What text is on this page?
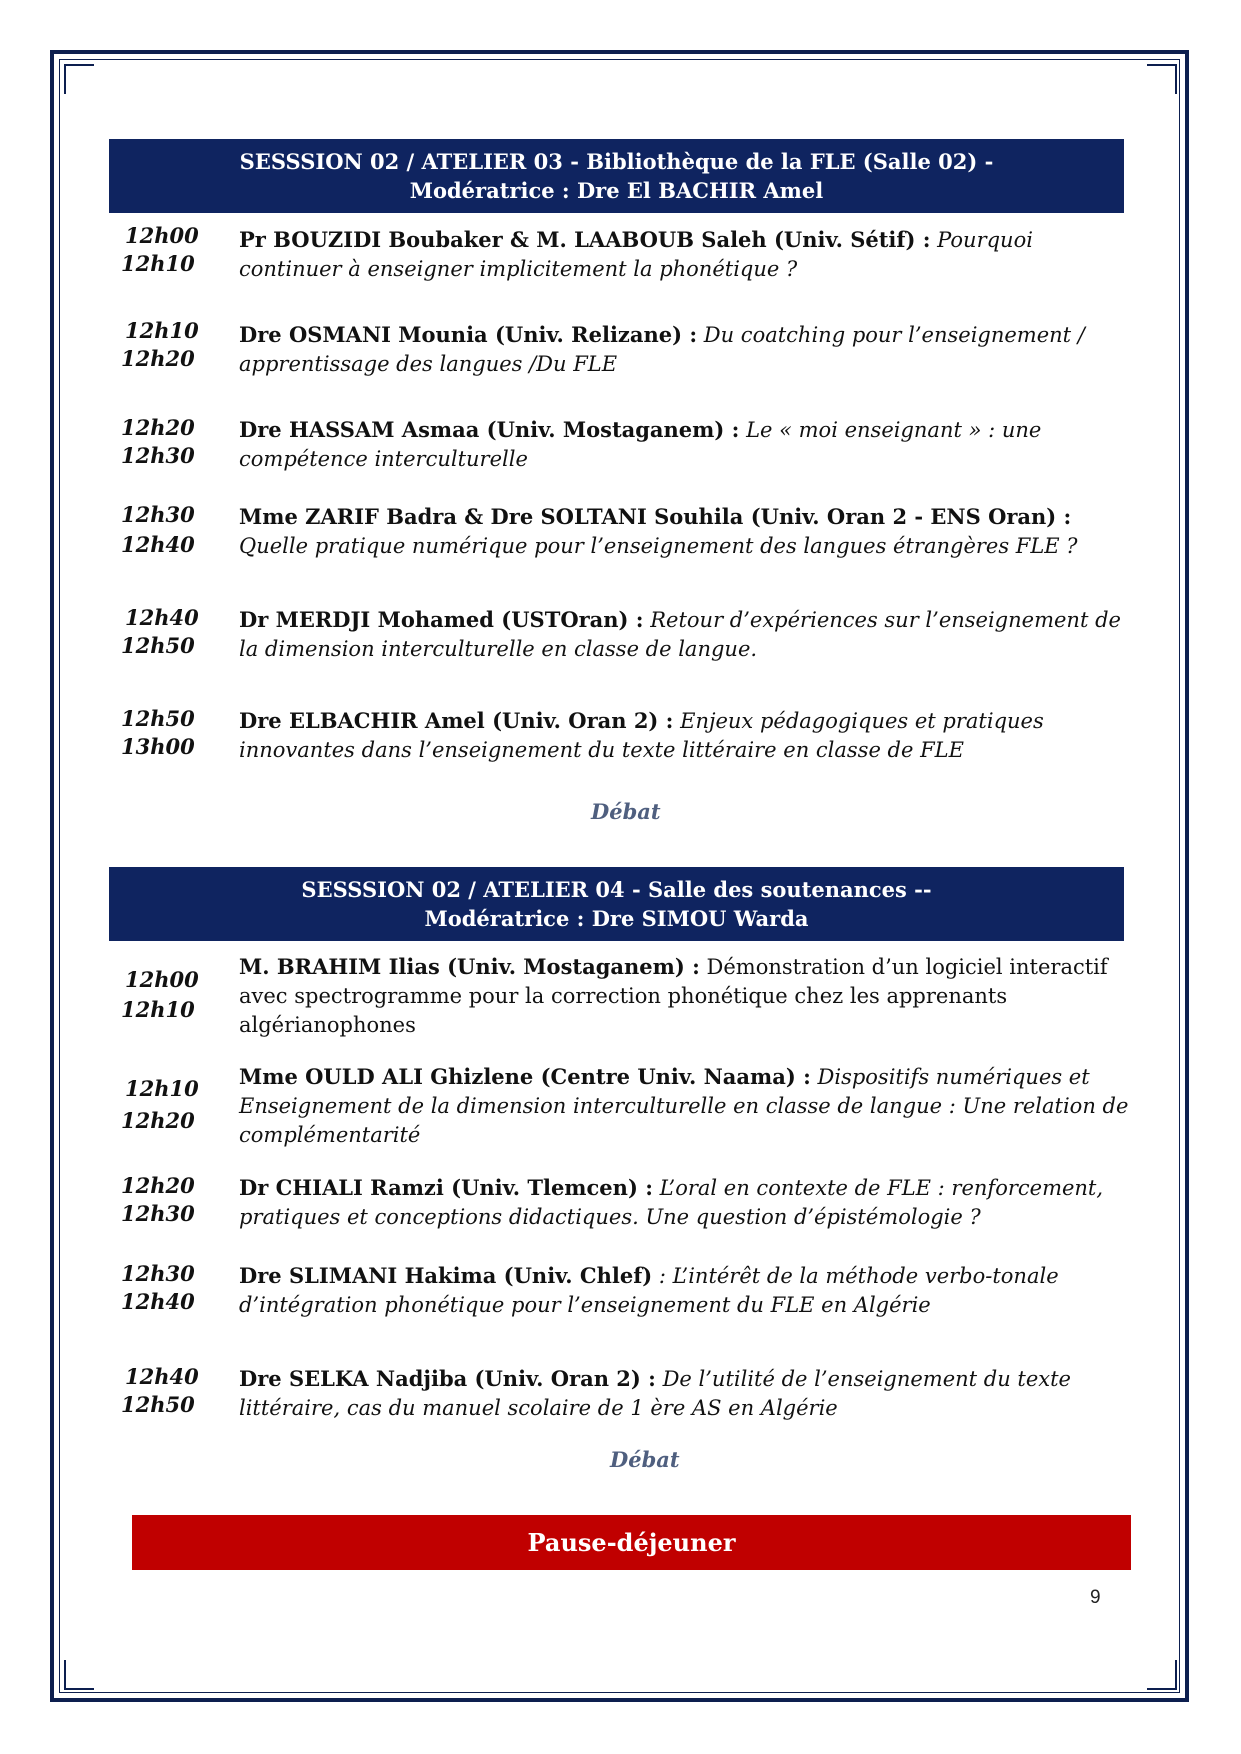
SESSSION 02 / ATELIER 03 - Bibliothèque de la FLE (Salle 02) -
Modératrice : Dre El BACHIR Amel
12h00
12h10
Pr BOUZIDI Boubaker & M. LAABOUB Saleh (Univ. Sétif) : Pourquoi continuer à enseigner implicitement la phonétique ?
12h10
12h20
Dre OSMANI Mounia (Univ. Relizane) : Du coatching pour l’enseignement / apprentissage des langues /Du FLE
12h20
12h30
Dre HASSAM Asmaa (Univ. Mostaganem) : Le « moi enseignant » : une compétence interculturelle
12h30
12h40
Mme ZARIF Badra & Dre SOLTANI Souhila (Univ. Oran 2 - ENS Oran) : Quelle pratique numérique pour l’enseignement des langues étrangères FLE ?
12h40
12h50
Dr MERDJI Mohamed (USTOran) : Retour d’expériences sur l’enseignement de la dimension interculturelle en classe de langue.
12h50
13h00
Dre ELBACHIR Amel (Univ. Oran 2) : Enjeux pédagogiques et pratiques innovantes dans l’enseignement du texte littéraire en classe de FLE
Débat
SESSSION 02 / ATELIER 04 - Salle des soutenances --
Modératrice : Dre SIMOU Warda
12h00
12h10
M. BRAHIM Ilias (Univ. Mostaganem) : Démonstration d’un logiciel interactif avec spectrogramme pour la correction phonétique chez les apprenants algérianophones
12h10
12h20
Mme OULD ALI Ghizlene (Centre Univ. Naama) : Dispositifs numériques et Enseignement de la dimension interculturelle en classe de langue : Une relation de complémentarité
12h20
12h30
Dr CHIALI Ramzi (Univ. Tlemcen) : L’oral en contexte de FLE : renforcement, pratiques et conceptions didactiques. Une question d’épistémologie ?
12h30
12h40
Dre SLIMANI Hakima (Univ. Chlef) : L’intérêt de la méthode verbo-tonale d’intégration phonétique pour l’enseignement du FLE en Algérie
12h40
12h50
Dre SELKA Nadjiba (Univ. Oran 2) : De l’utilité de l’enseignement du texte littéraire, cas du manuel scolaire de 1 ère AS en Algérie
Débat
Pause-déjeuner
9
